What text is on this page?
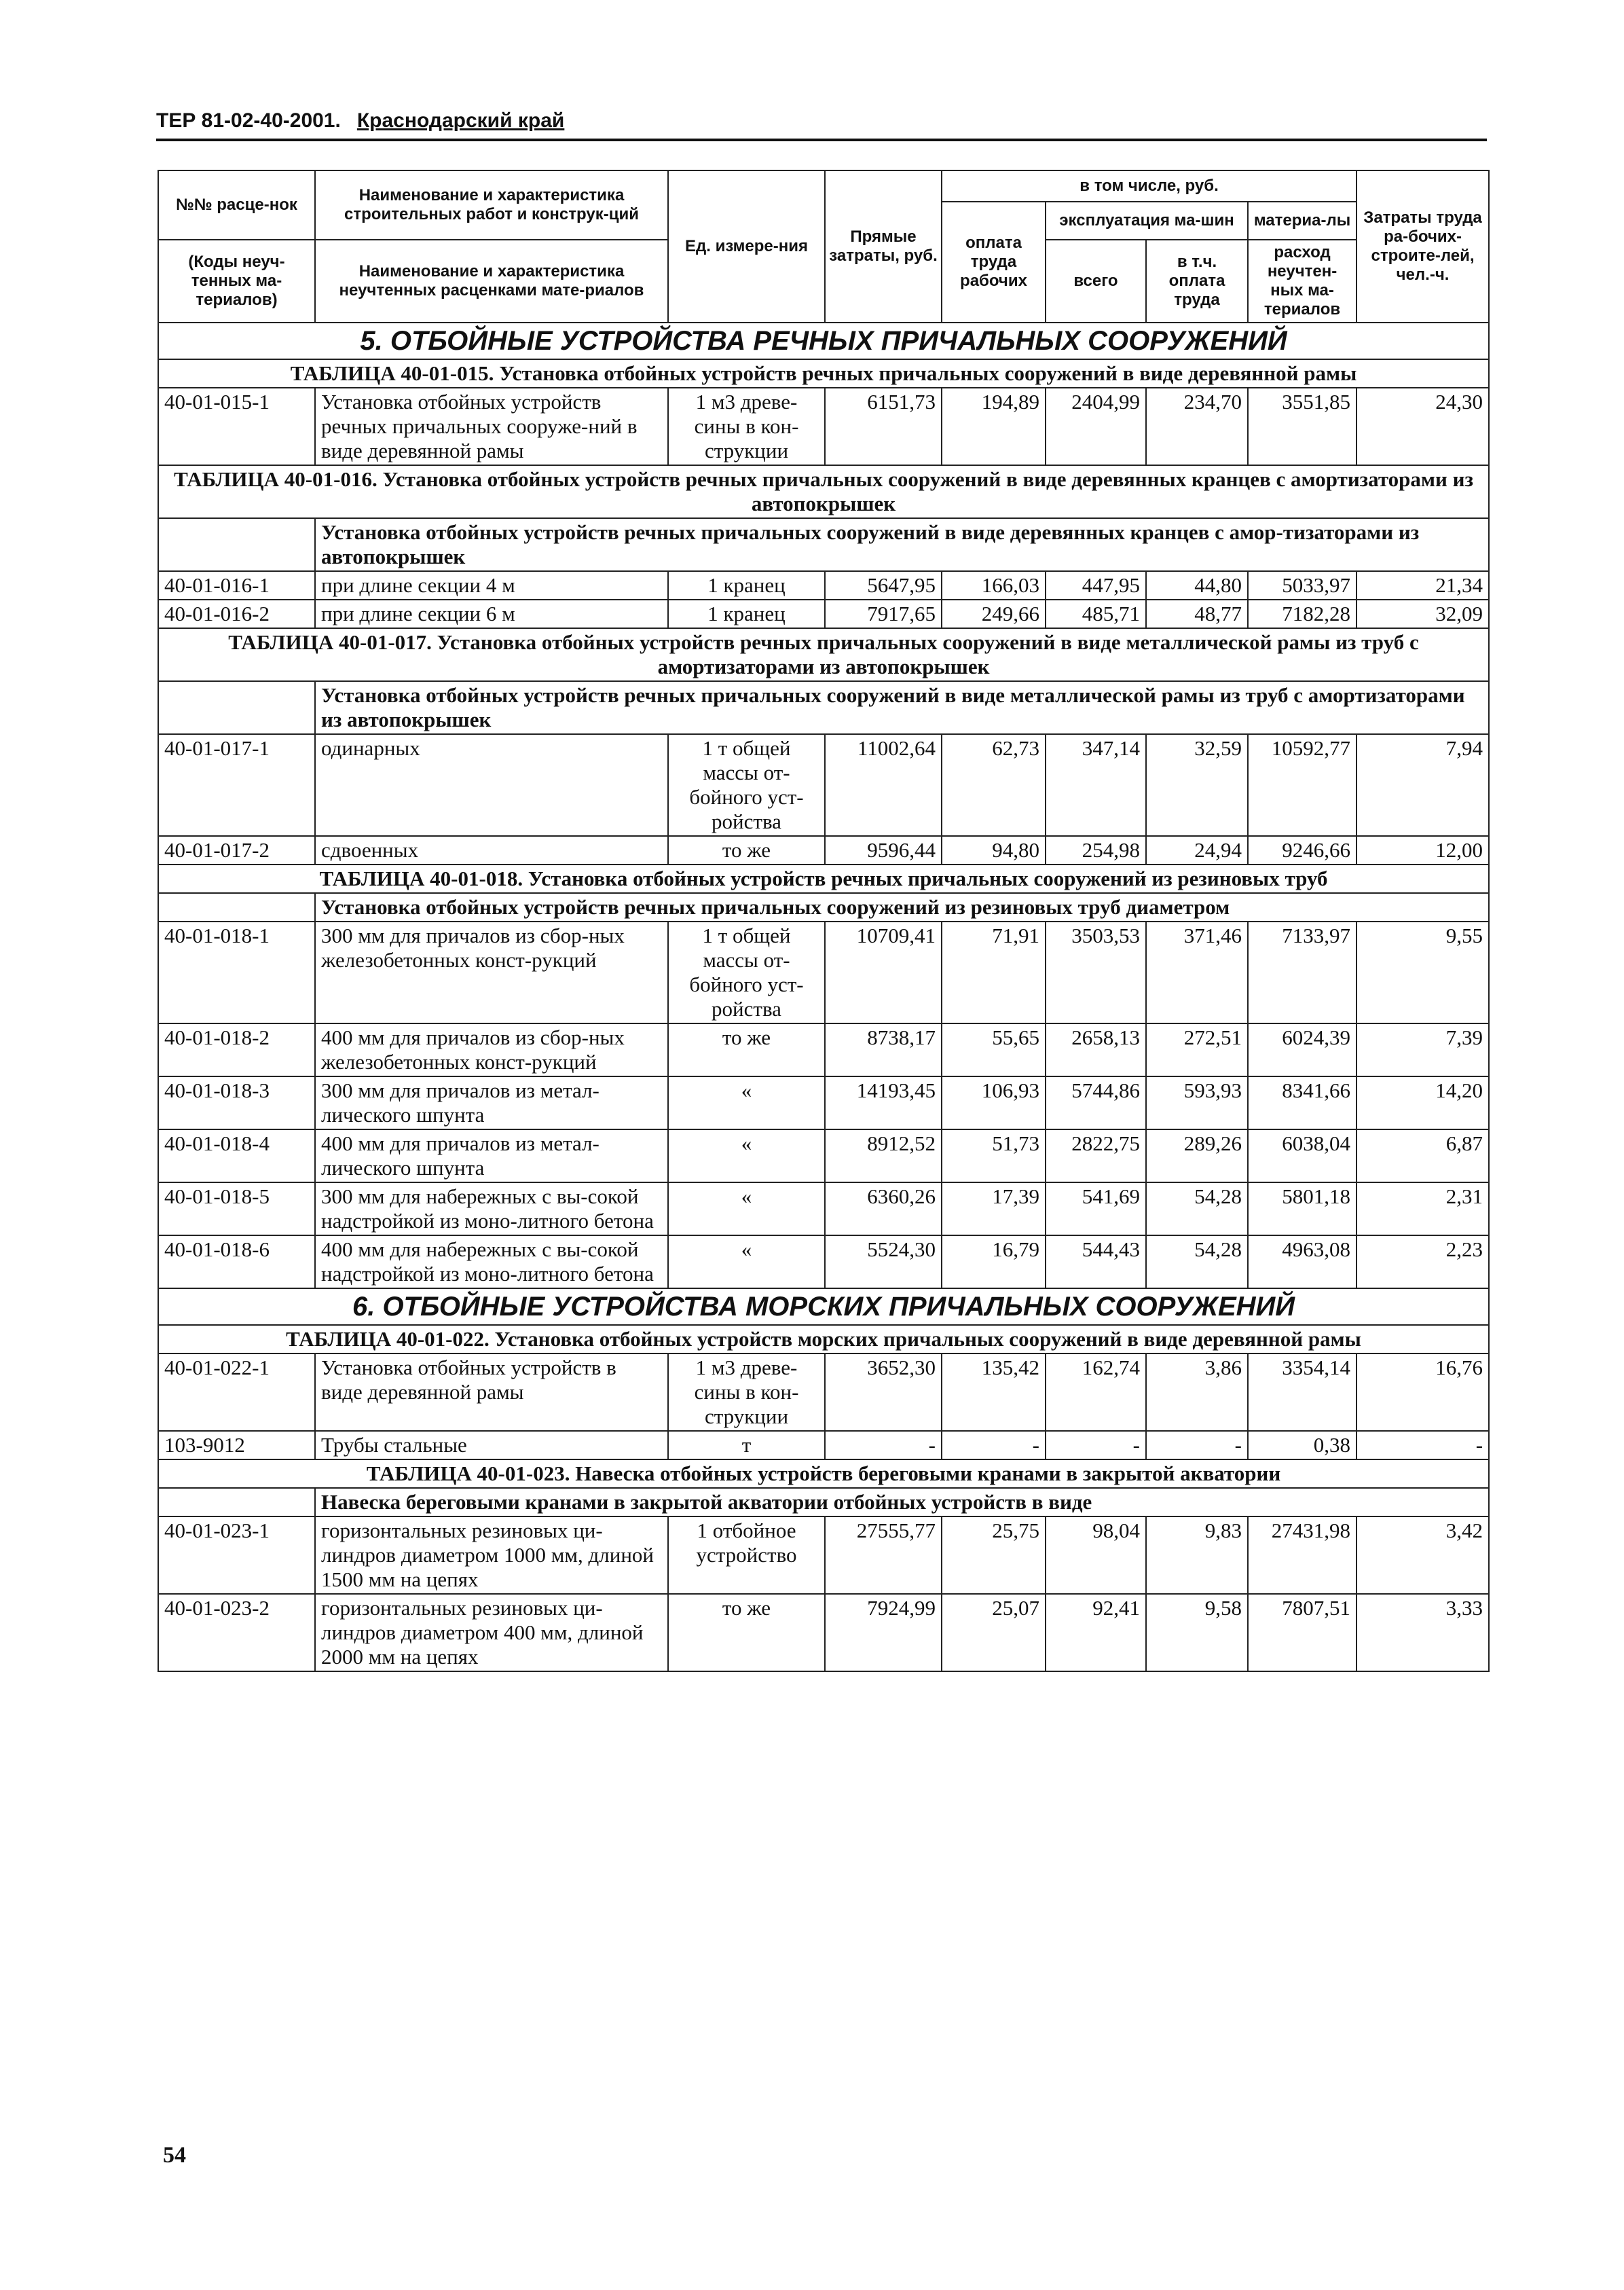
ТЕР 81-02-40-2001. Краснодарский край
№№ расце-нок	Наименование и характеристика строительных работ и конструк-ций	Ед. измере-ния	Прямые затраты, руб.	в том числе, руб.				Затраты труда ра-бочих-строите-лей, чел.-ч.
				оплата труда рабочих	эксплуатация ма-шин		материа-лы	
(Коды неуч-тенных ма-териалов)	Наименование и характеристика неучтенных расценками мате-риалов				всего	в т.ч. оплата труда	расход неучтен-ных ма-териалов	

5. ОТБОЙНЫЕ УСТРОЙСТВА РЕЧНЫХ ПРИЧАЛЬНЫХ СООРУЖЕНИЙ								
ТАБЛИЦА 40-01-015. Установка отбойных устройств речных причальных сооружений в виде деревянной рамы								
40-01-015-1	Установка отбойных устройств речных причальных сооруже-ний в виде деревянной рамы	1 м3 древе-сины в кон-струкции	6151,73	194,89	2404,99	234,70	3551,85	24,30
ТАБЛИЦА 40-01-016. Установка отбойных устройств речных причальных сооружений в виде деревянных кранцев с амортизаторами из автопокрышек								
	Установка отбойных устройств речных причальных сооружений в виде деревянных кранцев с амор-тизаторами из автопокрышек							
40-01-016-1	при длине секции 4 м	1 кранец	5647,95	166,03	447,95	44,80	5033,97	21,34
40-01-016-2	при длине секции 6 м	1 кранец	7917,65	249,66	485,71	48,77	7182,28	32,09
ТАБЛИЦА 40-01-017. Установка отбойных устройств речных причальных сооружений в виде металлической рамы из труб с амортизаторами из автопокрышек								
	Установка отбойных устройств речных причальных сооружений в виде металлической рамы из труб с амортизаторами из автопокрышек							
40-01-017-1	одинарных	1 т общей массы от-бойного уст-ройства	11002,64	62,73	347,14	32,59	10592,77	7,94
40-01-017-2	сдвоенных	то же	9596,44	94,80	254,98	24,94	9246,66	12,00
ТАБЛИЦА 40-01-018. Установка отбойных устройств речных причальных сооружений из резиновых труб								
	Установка отбойных устройств речных причальных сооружений из резиновых труб диаметром							
40-01-018-1	300 мм для причалов из сбор-ных железобетонных конст-рукций	1 т общей массы от-бойного уст-ройства	10709,41	71,91	3503,53	371,46	7133,97	9,55
40-01-018-2	400 мм для причалов из сбор-ных железобетонных конст-рукций	то же	8738,17	55,65	2658,13	272,51	6024,39	7,39
40-01-018-3	300 мм для причалов из метал-лического шпунта	«	14193,45	106,93	5744,86	593,93	8341,66	14,20
40-01-018-4	400 мм для причалов из метал-лического шпунта	«	8912,52	51,73	2822,75	289,26	6038,04	6,87
40-01-018-5	300 мм для набережных с вы-сокой надстройкой из моно-литного бетона	«	6360,26	17,39	541,69	54,28	5801,18	2,31
40-01-018-6	400 мм для набережных с вы-сокой надстройкой из моно-литного бетона	«	5524,30	16,79	544,43	54,28	4963,08	2,23
6. ОТБОЙНЫЕ УСТРОЙСТВА МОРСКИХ ПРИЧАЛЬНЫХ СООРУЖЕНИЙ								
ТАБЛИЦА 40-01-022. Установка отбойных устройств морских причальных сооружений в виде деревянной рамы								
40-01-022-1	Установка отбойных устройств в виде деревянной рамы	1 м3 древе-сины в кон-струкции	3652,30	135,42	162,74	3,86	3354,14	16,76
103-9012	Трубы стальные	т	-	-	-	-	0,38	-
ТАБЛИЦА 40-01-023. Навеска отбойных устройств береговыми кранами в закрытой акватории								
	Навеска береговыми кранами в закрытой акватории отбойных устройств в виде							
40-01-023-1	горизонтальных резиновых ци-линдров диаметром 1000 мм, длиной 1500 мм на цепях	1 отбойное устройство	27555,77	25,75	98,04	9,83	27431,98	3,42
40-01-023-2	горизонтальных резиновых ци-линдров диаметром 400 мм, длиной 2000 мм на цепях	то же	7924,99	25,07	92,41	9,58	7807,51	3,33
54
